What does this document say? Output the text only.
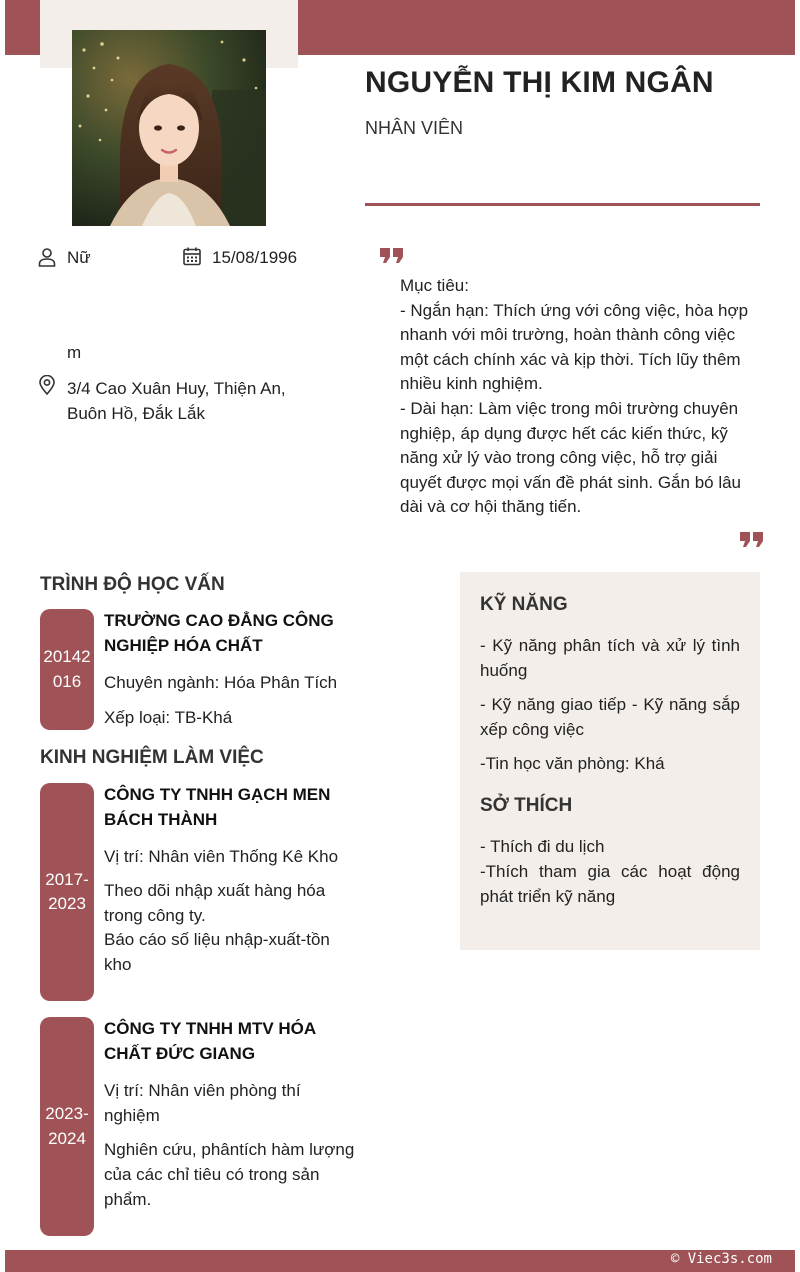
NGUYỄN THỊ KIM NGÂN
NHÂN VIÊN
Nữ	15/08/1996
m
3/4 Cao Xuân Huy, Thiện An,
Buôn Hồ, Đắk Lắk
Mục tiêu:
- Ngắn hạn: Thích ứng với công việc, hòa hợp nhanh với môi trường, hoàn thành công việc một cách chính xác và kịp thời. Tích lũy thêm nhiều kinh nghiệm.
- Dài hạn: Làm việc trong môi trường chuyên nghiệp, áp dụng được hết các kiến thức, kỹ năng xử lý vào trong công việc, hỗ trợ giải quyết được mọi vấn đề phát sinh. Gắn bó lâu dài và cơ hội thăng tiến.
TRÌNH ĐỘ HỌC VẤN
20142016
TRƯỜNG CAO ĐẲNG CÔNG NGHIỆP HÓA CHẤT
Chuyên ngành: Hóa Phân Tích
Xếp loại: TB-Khá
KINH NGHIỆM LÀM VIỆC
2017-2023
CÔNG TY TNHH GẠCH MEN BÁCH THÀNH
Vị trí: Nhân viên Thống Kê Kho
Theo dõi nhập xuất hàng hóa trong công ty.
Báo cáo số liệu nhập-xuất-tồn kho
2023-2024
CÔNG TY TNHH MTV HÓA CHẤT ĐỨC GIANG
Vị trí: Nhân viên phòng thí nghiệm
Nghiên cứu, phântích hàm lượng của các chỉ tiêu có trong sản phẩm.
KỸ NĂNG
- Kỹ năng phân tích và xử lý tình huống
- Kỹ năng giao tiếp - Kỹ năng sắp xếp công việc
-Tin học văn phòng: Khá
SỞ THÍCH
- Thích đi du lịch
-Thích tham gia các hoạt động phát triển kỹ năng
© Viec3s.com
